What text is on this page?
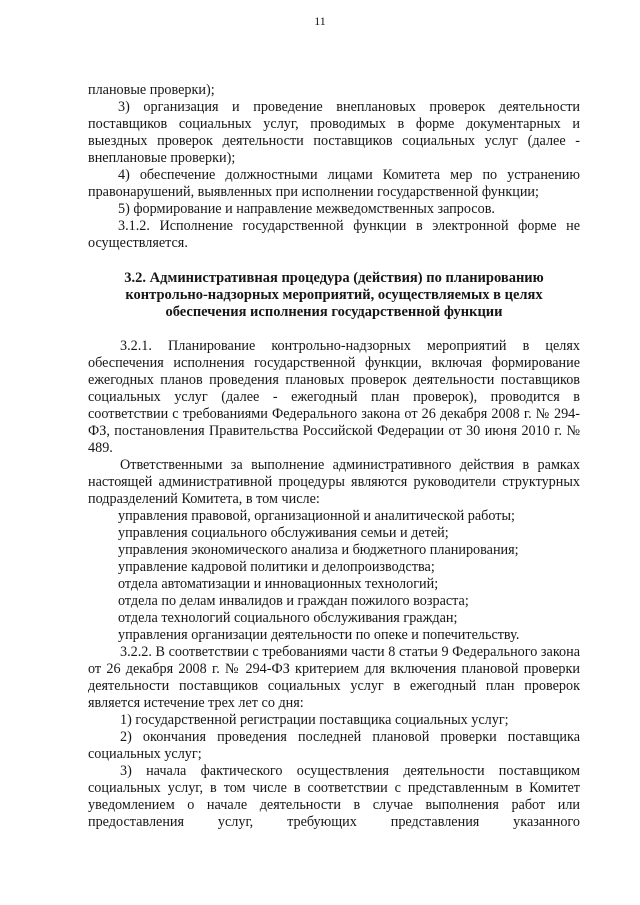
11

плановые проверки);

3) организация и проведение внеплановых проверок деятельности поставщиков социальных услуг, проводимых в форме документарных и выездных проверок деятельности поставщиков социальных услуг (далее - внеплановые проверки);

4) обеспечение должностными лицами Комитета мер по устранению правонарушений, выявленных при исполнении государственной функции;

5) формирование и направление межведомственных запросов.

3.1.2. Исполнение государственной функции в электронной форме не осуществляется.

3.2. Административная процедура (действия) по планированию контрольно-надзорных мероприятий, осуществляемых в целях обеспечения исполнения государственной функции

3.2.1. Планирование контрольно-надзорных мероприятий в целях обеспечения исполнения государственной функции, включая формирование ежегодных планов проведения плановых проверок деятельности поставщиков социальных услуг (далее - ежегодный план проверок), проводится в соответствии с требованиями Федерального закона от 26 декабря 2008 г. № 294-ФЗ, постановления Правительства Российской Федерации от 30 июня 2010 г. № 489.

Ответственными за выполнение административного действия в рамках настоящей административной процедуры являются руководители структурных подразделений Комитета, в том числе:

управления правовой, организационной и аналитической работы;

управления социального обслуживания семьи и детей;

управления экономического анализа и бюджетного планирования;

управление кадровой политики и делопроизводства;

отдела автоматизации и инновационных технологий;

отдела по делам инвалидов и граждан пожилого возраста;

отдела технологий социального обслуживания граждан;

управления организации деятельности по опеке и попечительству.

3.2.2. В соответствии с требованиями части 8 статьи 9 Федерального закона от 26 декабря 2008 г. № 294-ФЗ критерием для включения плановой проверки деятельности поставщиков социальных услуг в ежегодный план проверок является истечение трех лет со дня:

1) государственной регистрации поставщика социальных услуг;

2) окончания проведения последней плановой проверки поставщика социальных услуг;

3) начала фактического осуществления деятельности поставщиком социальных услуг, в том числе в соответствии с представленным в Комитет уведомлением о начале деятельности в случае выполнения работ или предоставления услуг, требующих представления указанного
